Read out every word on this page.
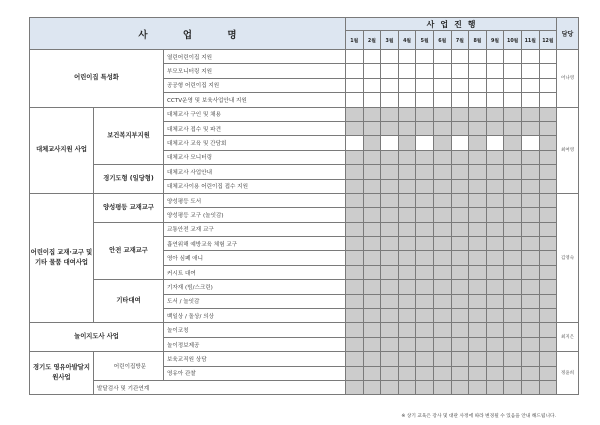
사 업 명			사업진행												담당
			1월	2월	3월	4월	5월	6월	7월	8월	9월	10월	11월	12월	
어린이집 특성화		열린어린이집 지원													어나영
		부모모니터링 지원													
		공공형 어린이집 지원													
		CCTV운영 및 보육사업안내 지원													
대체교사지원 사업	보건복지부지원	대체교사 구인 및 채용													최여영
		대체교사 접수 및 파견													
		대체교사 교육 및 간담회													
		대체교사 모니터링													
	경기도형 (일당형)	대체교사 사업안내													
		대체교사이용 어린이집 접수 지원													
어린이집 교재·교구 및 기타 물품 대여사업	양성평등 교재교구	양성평등 도서													김영숙
		양성평등 교구 (놀잇감)													
	안전 교재교구	교통안전 교재 교구													
		흡연위해 예방교육 체험 교구													
		영아 심폐 애니													
		커시트 대여													
	기타대여	기자재 (빔/스크린)													
		도서 / 놀잇감													
		백일상 / 돌상/ 의상													
놀이지도사 사업		놀이코칭													최지은
		놀이정보제공													
경기도 영유아발달지원사업	어린이집방문	보육교직원 상담													정윤희
		영유아 관찰													
	발달검사 및 기관연계														
※ 상기 교육은 강사 및 대관 사정에 따라 변경될 수 있음을 안내 해드립니다.
